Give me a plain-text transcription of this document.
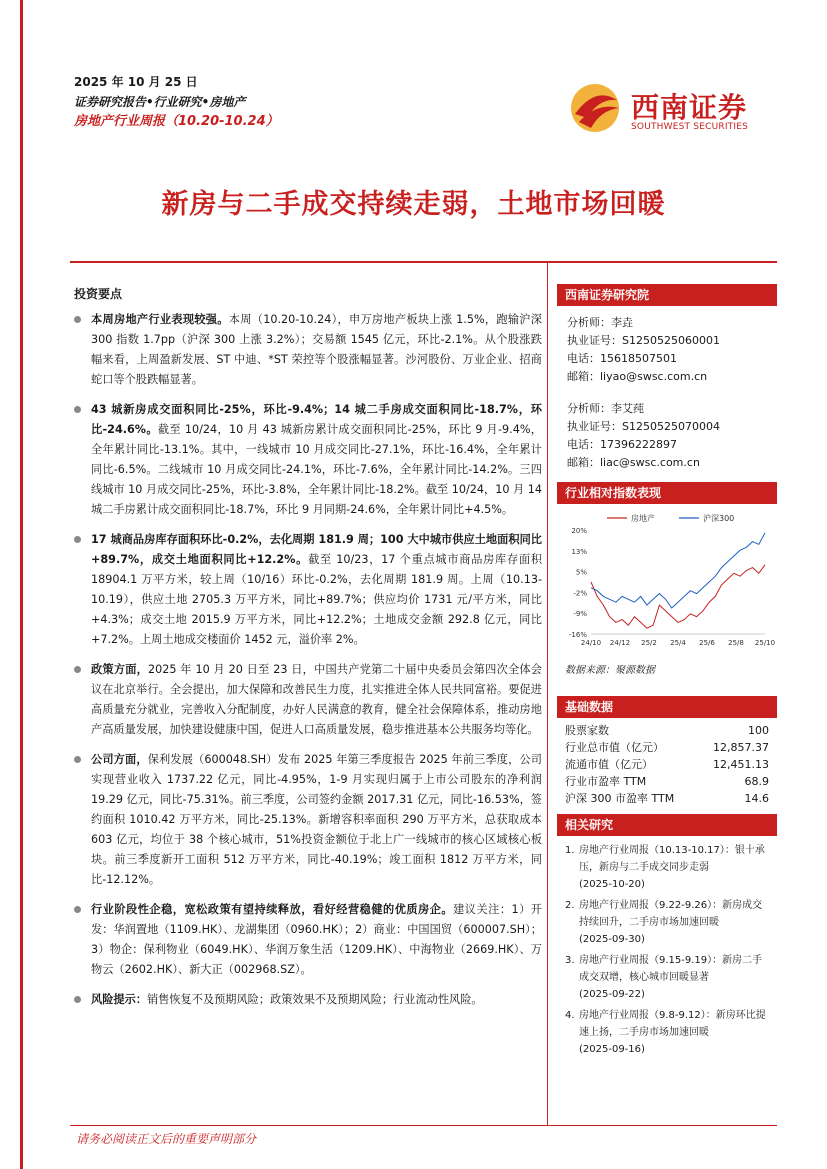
2025 年 10 月 25 日
证券研究报告•行业研究•房地产
房地产行业周报（10.20-10.24）	西南证券
SOUTHWEST SECURITIES
新房与二手成交持续走弱，土地市场回暖
投资要点
本周房地产行业表现较强。本周（10.20-10.24），申万房地产板块上涨 1.5%，跑输沪深 300 指数 1.7pp（沪深 300 上涨 3.2%）；交易额 1545 亿元，环比-2.1%。从个股涨跌幅来看，上周盈新发展、ST 中迪、*ST 荣控等个股涨幅显著。沙河股份、万业企业、招商蛇口等个股跌幅显著。
43 城新房成交面积同比-25%，环比-9.4%；14 城二手房成交面积同比-18.7%，环比-24.6%。截至 10/24，10 月 43 城新房累计成交面积同比-25%，环比 9 月-9.4%，全年累计同比-13.1%。其中，一线城市 10 月成交同比-27.1%，环比-16.4%，全年累计同比-6.5%。二线城市 10 月成交同比-24.1%，环比-7.6%，全年累计同比-14.2%。三四线城市 10 月成交同比-25%，环比-3.8%，全年累计同比-18.2%。截至 10/24，10 月 14 城二手房累计成交面积同比-18.7%，环比 9 月同期-24.6%，全年累计同比+4.5%。
17 城商品房库存面积环比-0.2%，去化周期 181.9 周；100 大中城市供应土地面积同比+89.7%，成交土地面积同比+12.2%。截至 10/23，17 个重点城市商品房库存面积 18904.1 万平方米，较上周（10/16）环比-0.2%，去化周期 181.9 周。上周（10.13-10.19），供应土地 2705.3 万平方米，同比+89.7%；供应均价 1731 元/平方米，同比+4.3%；成交土地 2015.9 万平方米，同比+12.2%；土地成交金额 292.8 亿元，同比+7.2%。上周土地成交楼面价 1452 元，溢价率 2%。
政策方面，2025 年 10 月 20 日至 23 日，中国共产党第二十届中央委员会第四次全体会议在北京举行。全会提出，加大保障和改善民生力度，扎实推进全体人民共同富裕。要促进高质量充分就业，完善收入分配制度，办好人民满意的教育，健全社会保障体系，推动房地产高质量发展，加快建设健康中国，促进人口高质量发展，稳步推进基本公共服务均等化。
公司方面，保利发展（600048.SH）发布 2025 年第三季度报告 2025 年前三季度，公司实现营业收入 1737.22 亿元，同比-4.95%，1-9 月实现归属于上市公司股东的净利润 19.29 亿元，同比-75.31%。前三季度，公司签约金额 2017.31 亿元，同比-16.53%，签约面积 1010.42 万平方米，同比-25.13%。新增容积率面积 290 万平方米，总获取成本 603 亿元，均位于 38 个核心城市，51%投资金额位于北上广一线城市的核心区域核心板块。前三季度新开工面积 512 万平方米，同比-40.19%；竣工面积 1812 万平方米，同比-12.12%。
行业阶段性企稳，宽松政策有望持续释放，看好经营稳健的优质房企。建议关注：1）开发：华润置地（1109.HK）、龙湖集团（0960.HK）；2）商业：中国国贸（600007.SH）；3）物企：保利物业（6049.HK）、华润万象生活（1209.HK）、中海物业（2669.HK）、万物云（2602.HK）、新大正（002968.SZ）。
风险提示：销售恢复不及预期风险；政策效果不及预期风险；行业流动性风险。
西南证券研究院
分析师：李垚
执业证号：S1250525060001
电话：15618507501
邮箱：liyao@swsc.com.cn
分析师：李艾莼
执业证号：S1250525070004
电话：17396222897
邮箱：liac@swsc.com.cn
行业相对指数表现
房地产	沪深300
20%
13%
5%
-2%
-9%
-16%
24/10 24/12 25/2 25/4 25/6 25/8 25/10
数据来源：聚源数据
基础数据
股票家数	100
行业总市值（亿元）	12,857.37
流通市值（亿元）	12,451.13
行业市盈率 TTM	68.9
沪深 300 市盈率 TTM	14.6
相关研究
1. 房地产行业周报（10.13-10.17）：银十承压，新房与二手成交同步走弱
(2025-10-20)
2. 房地产行业周报（9.22-9.26）：新房成交持续回升，二手房市场加速回暖
(2025-09-30)
3. 房地产行业周报（9.15-9.19）：新房二手成交双增，核心城市回暖显著
(2025-09-22)
4. 房地产行业周报（9.8-9.12）：新房环比提速上扬，二手房市场加速回暖
(2025-09-16)
请务必阅读正文后的重要声明部分
